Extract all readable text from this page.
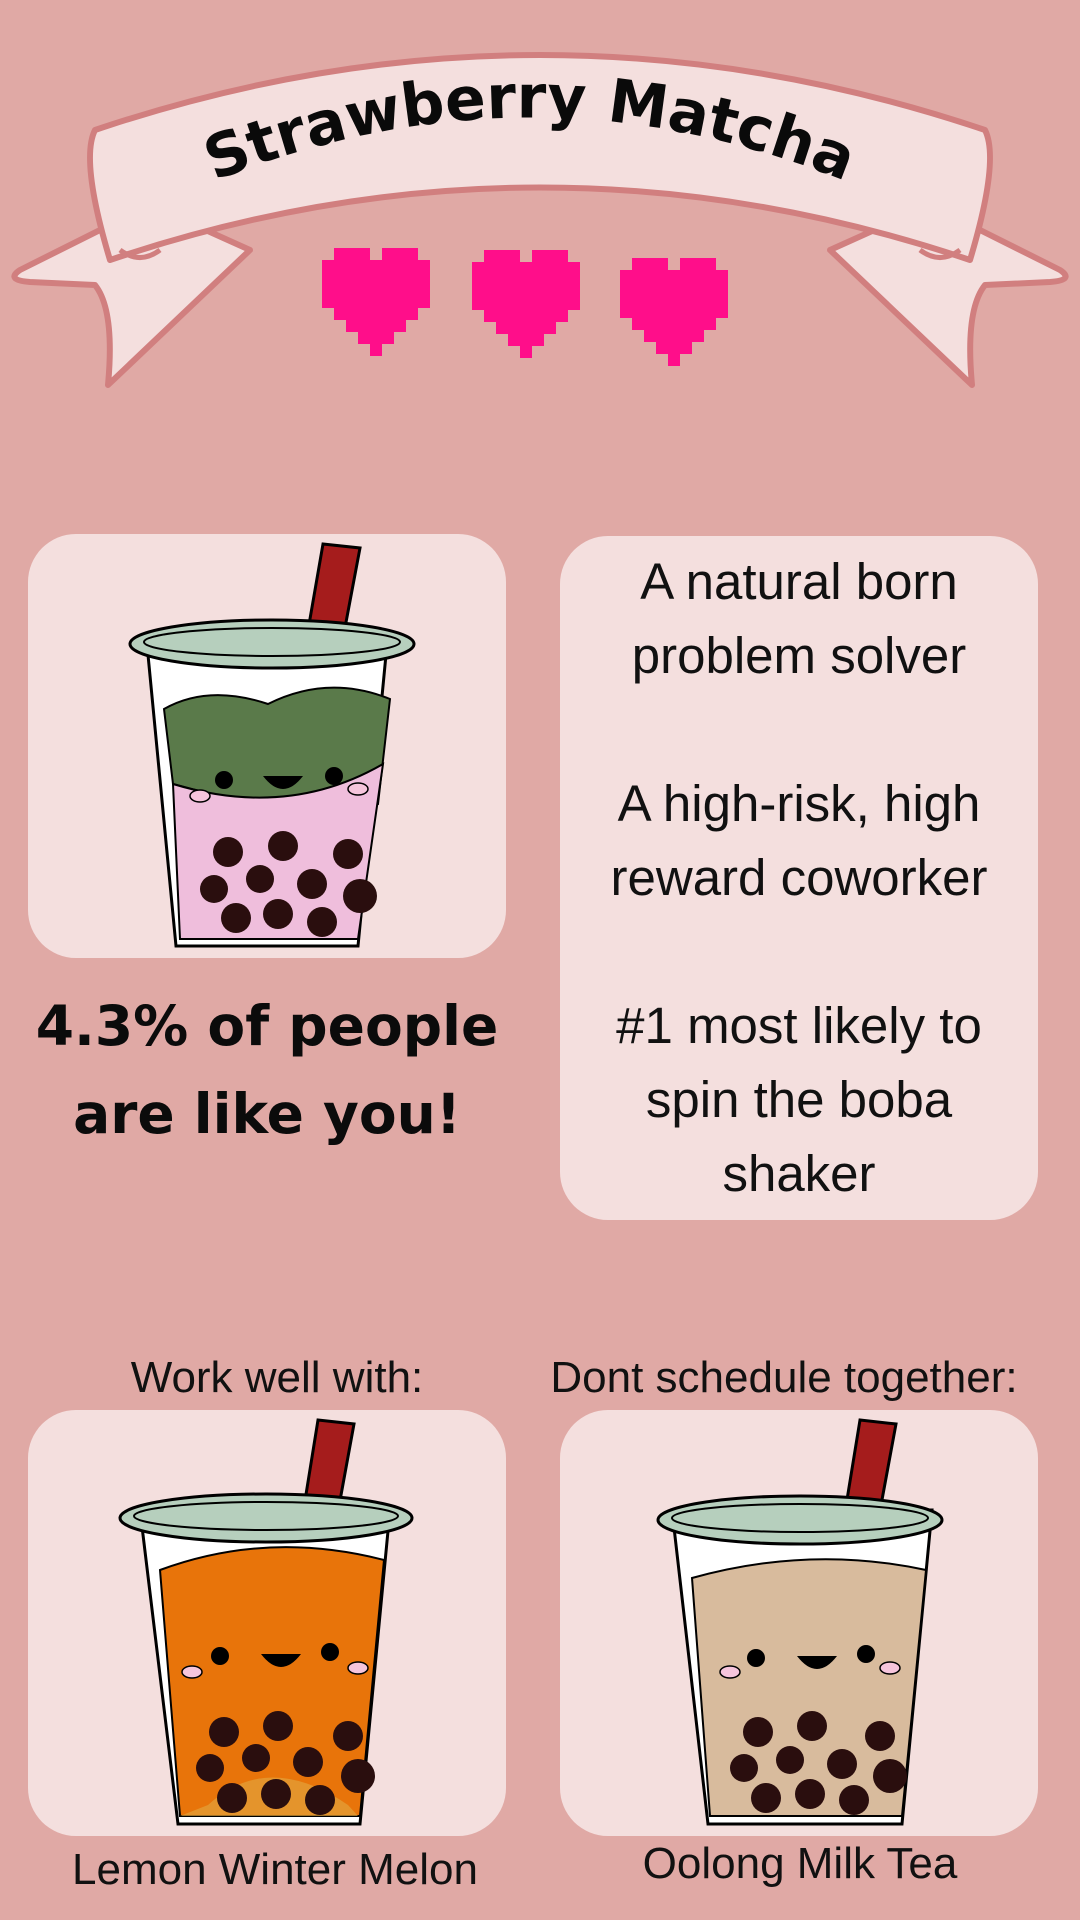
Strawberry Matcha
4.3% of people are like you!

A natural born problem solver

A high-risk, high reward coworker

#1 most likely to spin the boba shaker

Work well with:	Dont schedule together:
Lemon Winter Melon	Oolong Milk Tea
